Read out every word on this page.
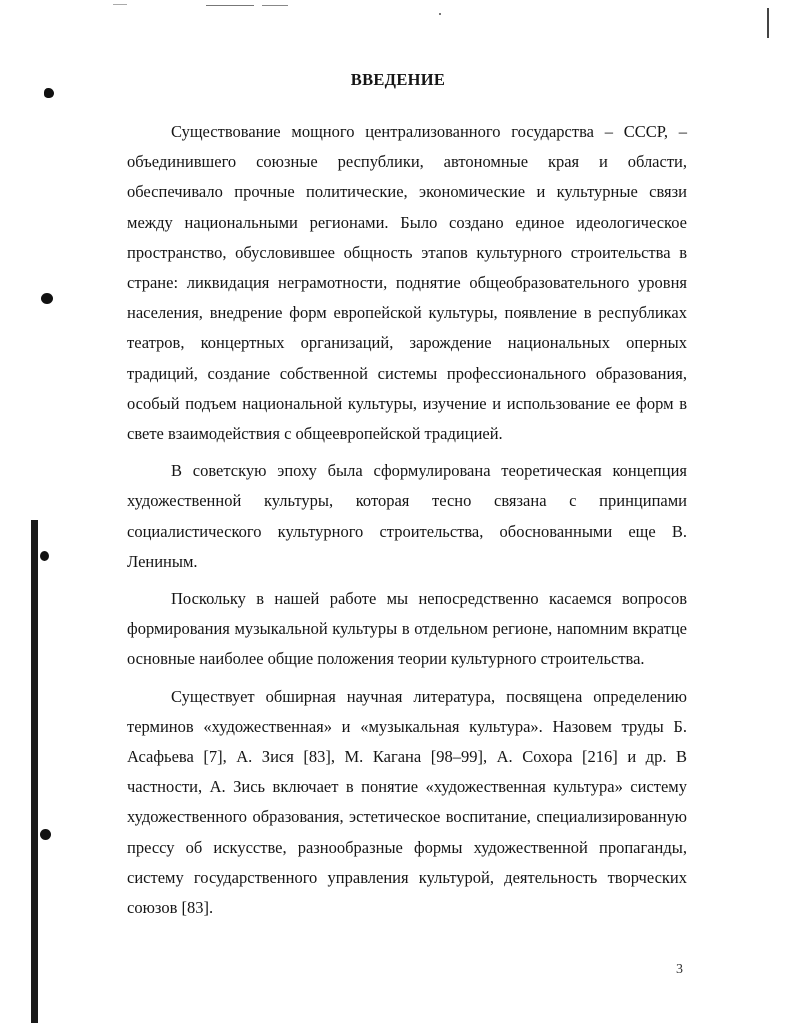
ВВЕДЕНИЕ

Существование мощного централизованного государства – СССР, – объединившего союзные республики, автономные края и области, обеспечивало прочные политические, экономические и культурные связи между национальными регионами. Было создано единое идеологическое пространство, обусловившее общность этапов культурного строительства в стране: ликвидация неграмотности, поднятие общеобразовательного уровня населения, внедрение форм европейской культуры, появление в республиках театров, концертных организаций, зарождение национальных оперных традиций, создание собственной системы профессионального образования, особый подъем национальной культуры, изучение и использование ее форм в свете взаимодействия с общеевропейской традицией.

В советскую эпоху была сформулирована теоретическая концепция художественной культуры, которая тесно связана с принципами социалистического культурного строительства, обоснованными еще В. Лениным.

Поскольку в нашей работе мы непосредственно касаемся вопросов формирования музыкальной культуры в отдельном регионе, напомним вкратце основные наиболее общие положения теории культурного строительства.

Существует обширная научная литература, посвящена определению терминов «художественная» и «музыкальная культура». Назовем труды Б. Асафьева [7], А. Зися [83], М. Кагана [98–99], А. Сохора [216] и др. В частности, А. Зись включает в понятие «художественная культура» систему художественного образования, эстетическое воспитание, специализированную прессу об искусстве, разнообразные формы художественной пропаганды, систему государственного управления культурой, деятельность творческих союзов [83].

3
